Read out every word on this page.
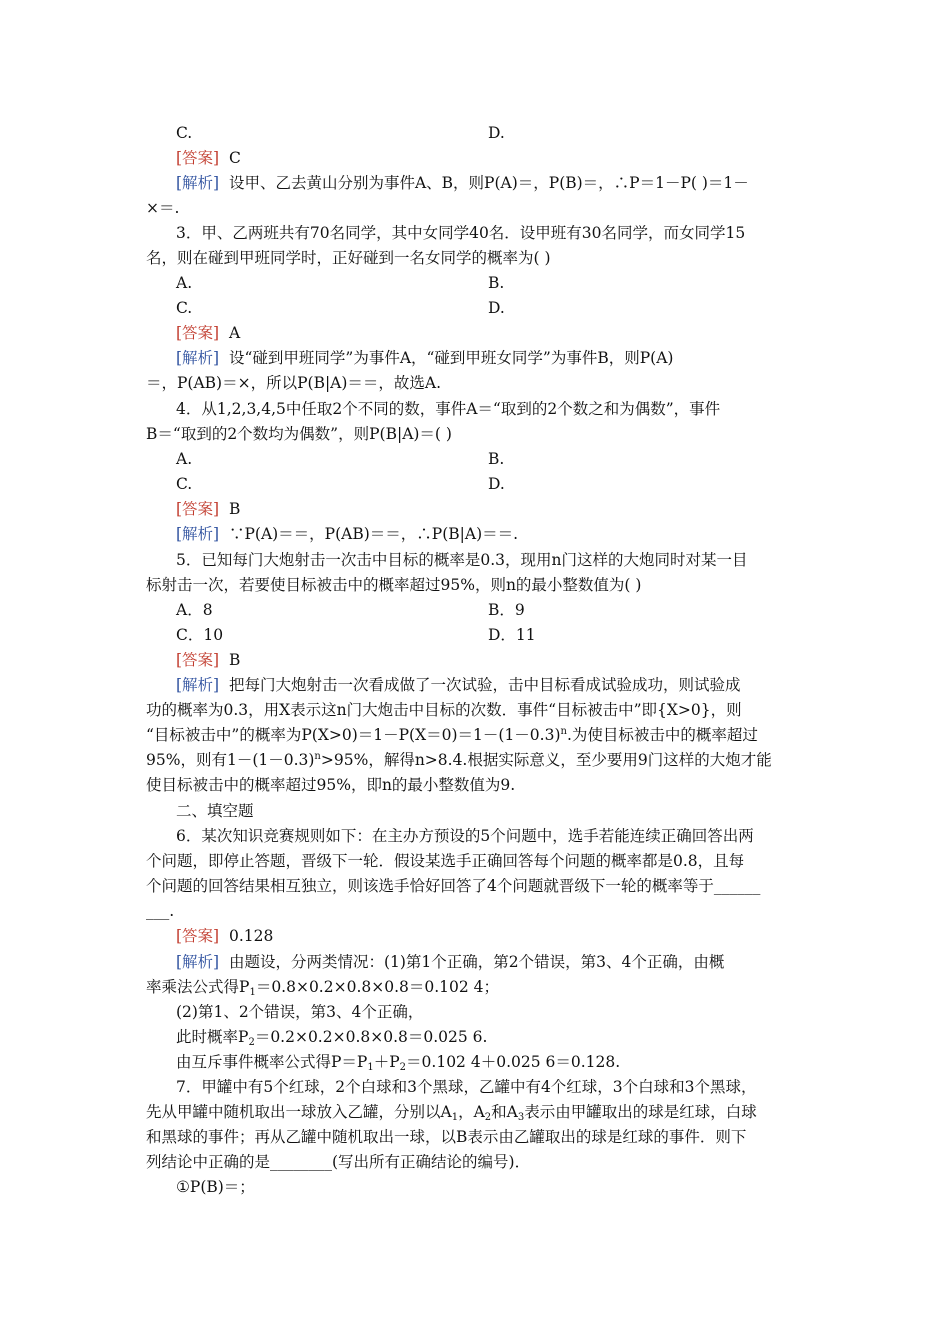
C.	D.
[答案] C
[解析] 设甲、乙去黄山分别为事件A、B，则P(A)＝，P(B)＝，∴P＝1－P( )＝1－
×＝.
3．甲、乙两班共有70名同学，其中女同学40名．设甲班有30名同学，而女同学15
名，则在碰到甲班同学时，正好碰到一名女同学的概率为( )
A.	B.
C.	D.
[答案] A
[解析] 设“碰到甲班同学”为事件A，“碰到甲班女同学”为事件B，则P(A)
＝，P(AB)＝×，所以P(B|A)＝＝，故选A.
4．从1,2,3,4,5中任取2个不同的数，事件A＝“取到的2个数之和为偶数”，事件
B＝“取到的2个数均为偶数”，则P(B|A)＝( )
A.	B.
C.	D.
[答案] B
[解析] ∵P(A)＝＝，P(AB)＝＝，∴P(B|A)＝＝.
5．已知每门大炮射击一次击中目标的概率是0.3，现用n门这样的大炮同时对某一目
标射击一次，若要使目标被击中的概率超过95%，则n的最小整数值为( )
A．8	B．9
C．10	D．11
[答案] B
[解析] 把每门大炮射击一次看成做了一次试验，击中目标看成试验成功，则试验成
功的概率为0.3，用X表示这n门大炮击中目标的次数．事件“目标被击中”即{X>0}，则
“目标被击中”的概率为$P(X>0)=1-P(X=0)=1-(1-0.3)^n$.为使目标被击中的概率超过
95%，则有$1-(1-0.3)^n>95\%$，解得n>8.4.根据实际意义，至少要用9门这样的大炮才能
使目标被击中的概率超过95%，即n的最小整数值为9.
二、填空题
6．某次知识竞赛规则如下：在主办方预设的5个问题中，选手若能连续正确回答出两
个问题，即停止答题，晋级下一轮．假设某选手正确回答每个问题的概率都是0.8，且每
个问题的回答结果相互独立，则该选手恰好回答了4个问题就晋级下一轮的概率等于______
___.
[答案] 0.128
[解析] 由题设，分两类情况：(1)第1个正确，第2个错误，第3、4个正确，由概
率乘法公式得$P_1=0.8\times 0.2\times 0.8\times 0.8=0.102$ 4；
(2)第1、2个错误，第3、4个正确，
此时概率$P_2=0.2\times 0.2\times 0.8\times 0.8=0.025$ 6.
由互斥事件概率公式得$P=P_1+P_2=0.102$ 4＋0.025 6＝0.128.
7．甲罐中有5个红球，2个白球和3个黑球，乙罐中有4个红球，3个白球和3个黑球，
先从甲罐中随机取出一球放入乙罐，分别以$A_1$，$A_2$和$A_3$表示由甲罐取出的球是红球，白球
和黑球的事件；再从乙罐中随机取出一球，以B表示由乙罐取出的球是红球的事件．则下
列结论中正确的是________(写出所有正确结论的编号)．
①P(B)＝；
